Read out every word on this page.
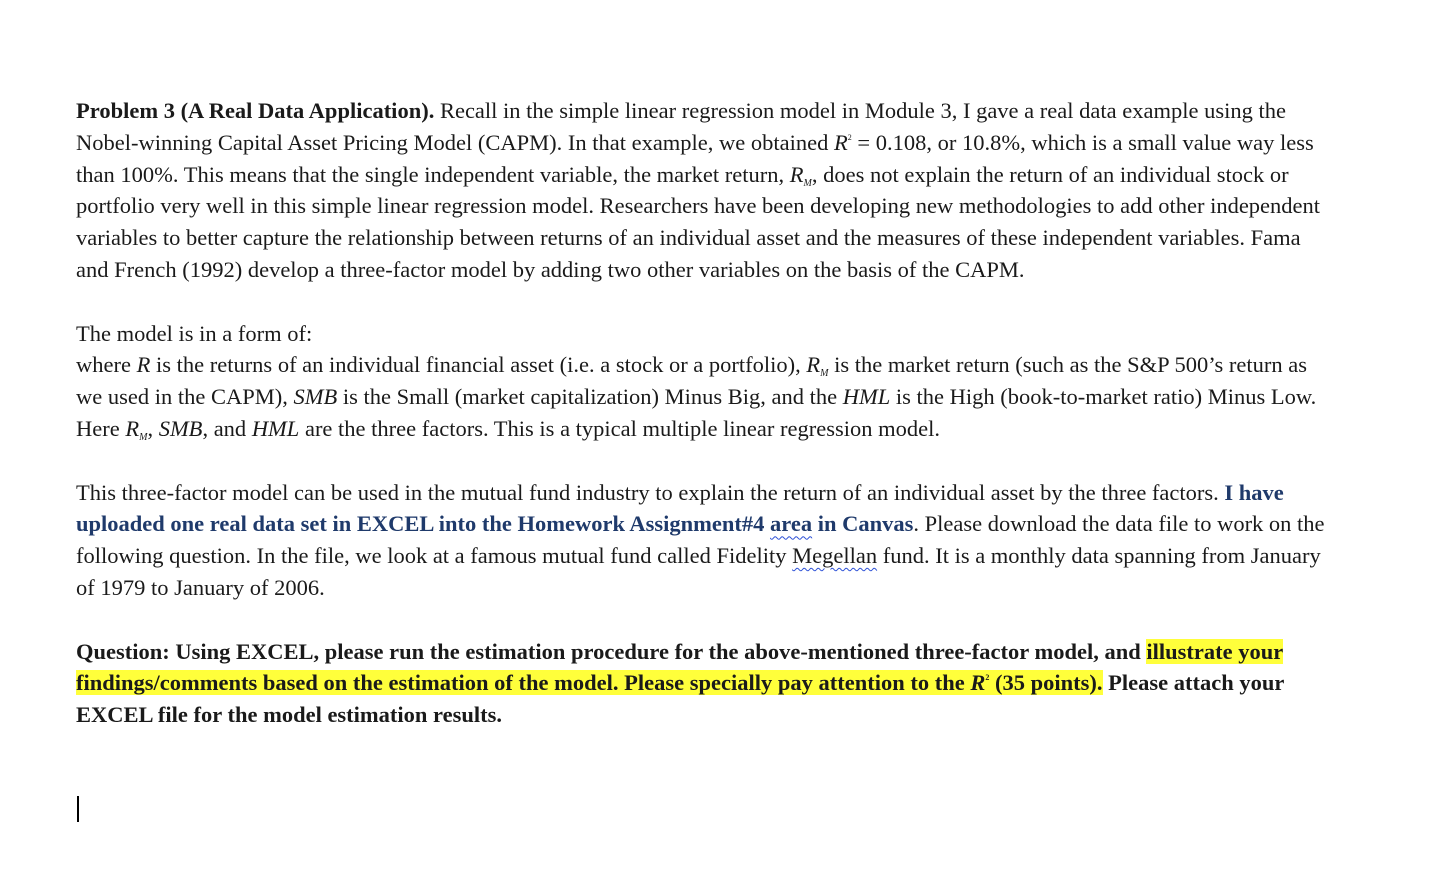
Problem 3 (A Real Data Application). Recall in the simple linear regression model in Module 3, I gave a real data example using the Nobel-winning Capital Asset Pricing Model (CAPM). In that example, we obtained $R^2 = 0.108$, or 10.8%, which is a small value way less than 100%. This means that the single independent variable, the market return, $R_M$, does not explain the return of an individual stock or portfolio very well in this simple linear regression model. Researchers have been developing new methodologies to add other independent variables to better capture the relationship between returns of an individual asset and the measures of these independent variables. Fama and French (1992) develop a three-factor model by adding two other variables on the basis of the CAPM.

The model is in a form of:

where R is the returns of an individual financial asset (i.e. a stock or a portfolio), $R_M$ is the market return (such as the S&P 500’s return as we used in the CAPM), SMB is the Small (market capitalization) Minus Big, and the HML is the High (book-to-market ratio) Minus Low. Here $R_M$, SMB, and HML are the three factors. This is a typical multiple linear regression model.

This three-factor model can be used in the mutual fund industry to explain the return of an individual asset by the three factors. I have uploaded one real data set in EXCEL into the Homework Assignment#4 area in Canvas. Please download the data file to work on the following question. In the file, we look at a famous mutual fund called Fidelity Megellan fund. It is a monthly data spanning from January of 1979 to January of 2006.

Question: Using EXCEL, please run the estimation procedure for the above-mentioned three-factor model, and illustrate your findings/comments based on the estimation of the model. Please specially pay attention to the $R^2$ (35 points). Please attach your EXCEL file for the model estimation results.
